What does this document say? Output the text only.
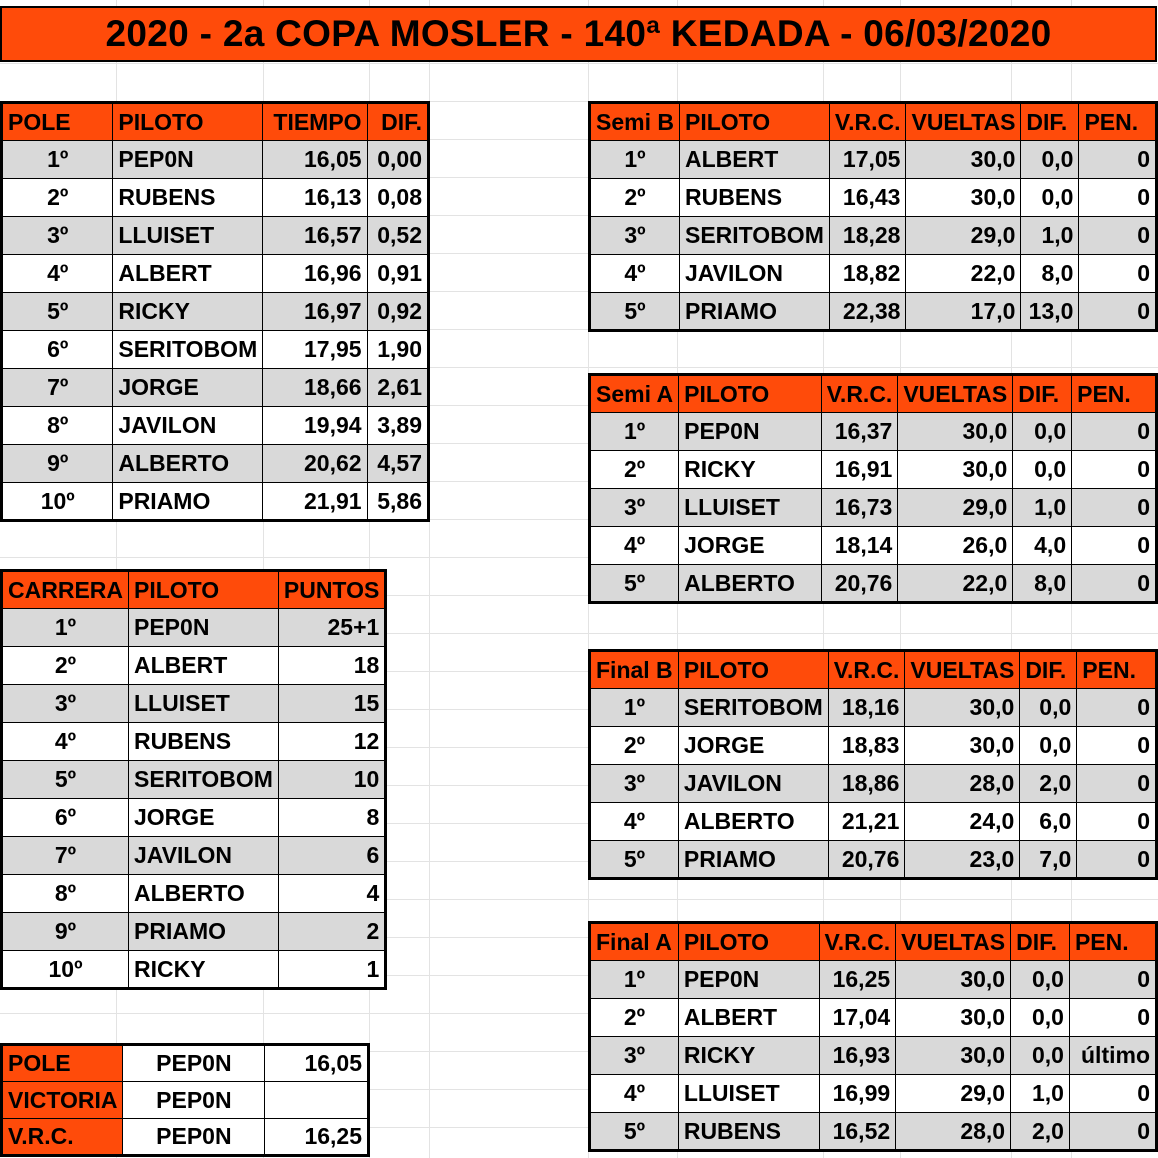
2020 - 2a COPA MOSLER - 140ª KEDADA - 06/03/2020
POLE	PILOTO	TIEMPO	DIF.
1º	PEP0N	16,05	0,00
2º	RUBENS	16,13	0,08
3º	LLUISET	16,57	0,52
4º	ALBERT	16,96	0,91
5º	RICKY	16,97	0,92
6º	SERITOBOM	17,95	1,90
7º	JORGE	18,66	2,61
8º	JAVILON	19,94	3,89
9º	ALBERTO	20,62	4,57
10º	PRIAMO	21,91	5,86
CARRERA	PILOTO	PUNTOS
1º	PEP0N	25+1
2º	ALBERT	18
3º	LLUISET	15
4º	RUBENS	12
5º	SERITOBOM	10
6º	JORGE	8
7º	JAVILON	6
8º	ALBERTO	4
9º	PRIAMO	2
10º	RICKY	1
POLE	PEP0N	16,05
VICTORIA	PEP0N	
V.R.C.	PEP0N	16,25
Semi B	PILOTO	V.R.C.	VUELTAS	DIF.	PEN.
1º	ALBERT	17,05	30,0	0,0	0
2º	RUBENS	16,43	30,0	0,0	0
3º	SERITOBOM	18,28	29,0	1,0	0
4º	JAVILON	18,82	22,0	8,0	0
5º	PRIAMO	22,38	17,0	13,0	0
Semi A	PILOTO	V.R.C.	VUELTAS	DIF.	PEN.
1º	PEP0N	16,37	30,0	0,0	0
2º	RICKY	16,91	30,0	0,0	0
3º	LLUISET	16,73	29,0	1,0	0
4º	JORGE	18,14	26,0	4,0	0
5º	ALBERTO	20,76	22,0	8,0	0
Final B	PILOTO	V.R.C.	VUELTAS	DIF.	PEN.
1º	SERITOBOM	18,16	30,0	0,0	0
2º	JORGE	18,83	30,0	0,0	0
3º	JAVILON	18,86	28,0	2,0	0
4º	ALBERTO	21,21	24,0	6,0	0
5º	PRIAMO	20,76	23,0	7,0	0
Final A	PILOTO	V.R.C.	VUELTAS	DIF.	PEN.
1º	PEP0N	16,25	30,0	0,0	0
2º	ALBERT	17,04	30,0	0,0	0
3º	RICKY	16,93	30,0	0,0	último
4º	LLUISET	16,99	29,0	1,0	0
5º	RUBENS	16,52	28,0	2,0	0
